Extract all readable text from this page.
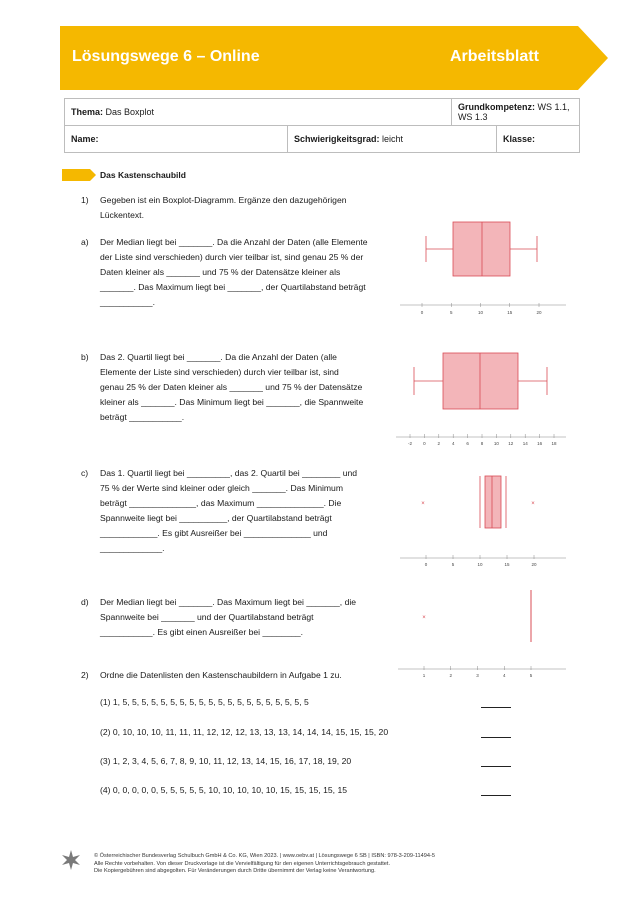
Lösungswege 6 – Online	Arbeitsblatt
Thema: Das Boxplot		Grundkompetenz: WS 1.1, WS 1.3	
Name:	Schwierigkeitsgrad: leicht		Klasse:
Das Kastenschaubild
1) Gegeben ist ein Boxplot-Diagramm. Ergänze den dazugehörigen Lückentext.
a) Der Median liegt bei _______. Da die Anzahl der Daten (alle Elemente
der Liste sind verschieden) durch vier teilbar ist, sind genau 25 % der
Daten kleiner als _______ und 75 % der Datensätze kleiner als
_______. Das Maximum liegt bei _______, der Quartilabstand beträgt
___________.
b) Das 2. Quartil liegt bei _______. Da die Anzahl der Daten (alle
Elemente der Liste sind verschieden) durch vier teilbar ist, sind
genau 25 % der Daten kleiner als _______ und 75 % der Datensätze
kleiner als _______. Das Minimum liegt bei _______, die Spannweite
beträgt ___________.
c) Das 1. Quartil liegt bei _________, das 2. Quartil bei ________ und
75 % der Werte sind kleiner oder gleich _______. Das Minimum
beträgt ______________, das Maximum ______________. Die
Spannweite liegt bei __________, der Quartilabstand beträgt
____________. Es gibt Ausreißer bei ______________ und
_____________.
d) Der Median liegt bei _______. Das Maximum liegt bei _______, die
Spannweite bei _______ und der Quartilabstand beträgt
___________. Es gibt einen Ausreißer bei ________.
0	5	10	15	20
-2 0	2	4	6	8 10 12 14 16 18
×	×
0	5	10	15	20
×
1	2	3	4	5
2) Ordne die Datenlisten den Kastenschaubildern in Aufgabe 1 zu.
(1) 1, 5, 5, 5, 5, 5, 5, 5, 5, 5, 5, 5, 5, 5, 5, 5, 5, 5, 5, 5, 5
(2) 0, 10, 10, 10, 11, 11, 11, 12, 12, 12, 13, 13, 13, 14, 14, 14, 15, 15, 15, 20
(3) 1, 2, 3, 4, 5, 6, 7, 8, 9, 10, 11, 12, 13, 14, 15, 16, 17, 18, 19, 20
(4) 0, 0, 0, 0, 0, 5, 5, 5, 5, 5, 10, 10, 10, 10, 10, 15, 15, 15, 15, 15
© Österreichischer Bundesverlag Schulbuch GmbH & Co. KG, Wien 2023. | www.oebv.at | Lösungswege 6 SB | ISBN: 978-3-209-11494-5
Alle Rechte vorbehalten. Von dieser Druckvorlage ist die Vervielfältigung für den eigenen Unterrichtsgebrauch gestattet.
Die Kopiergebühren sind abgegolten. Für Veränderungen durch Dritte übernimmt der Verlag keine Verantwortung.
